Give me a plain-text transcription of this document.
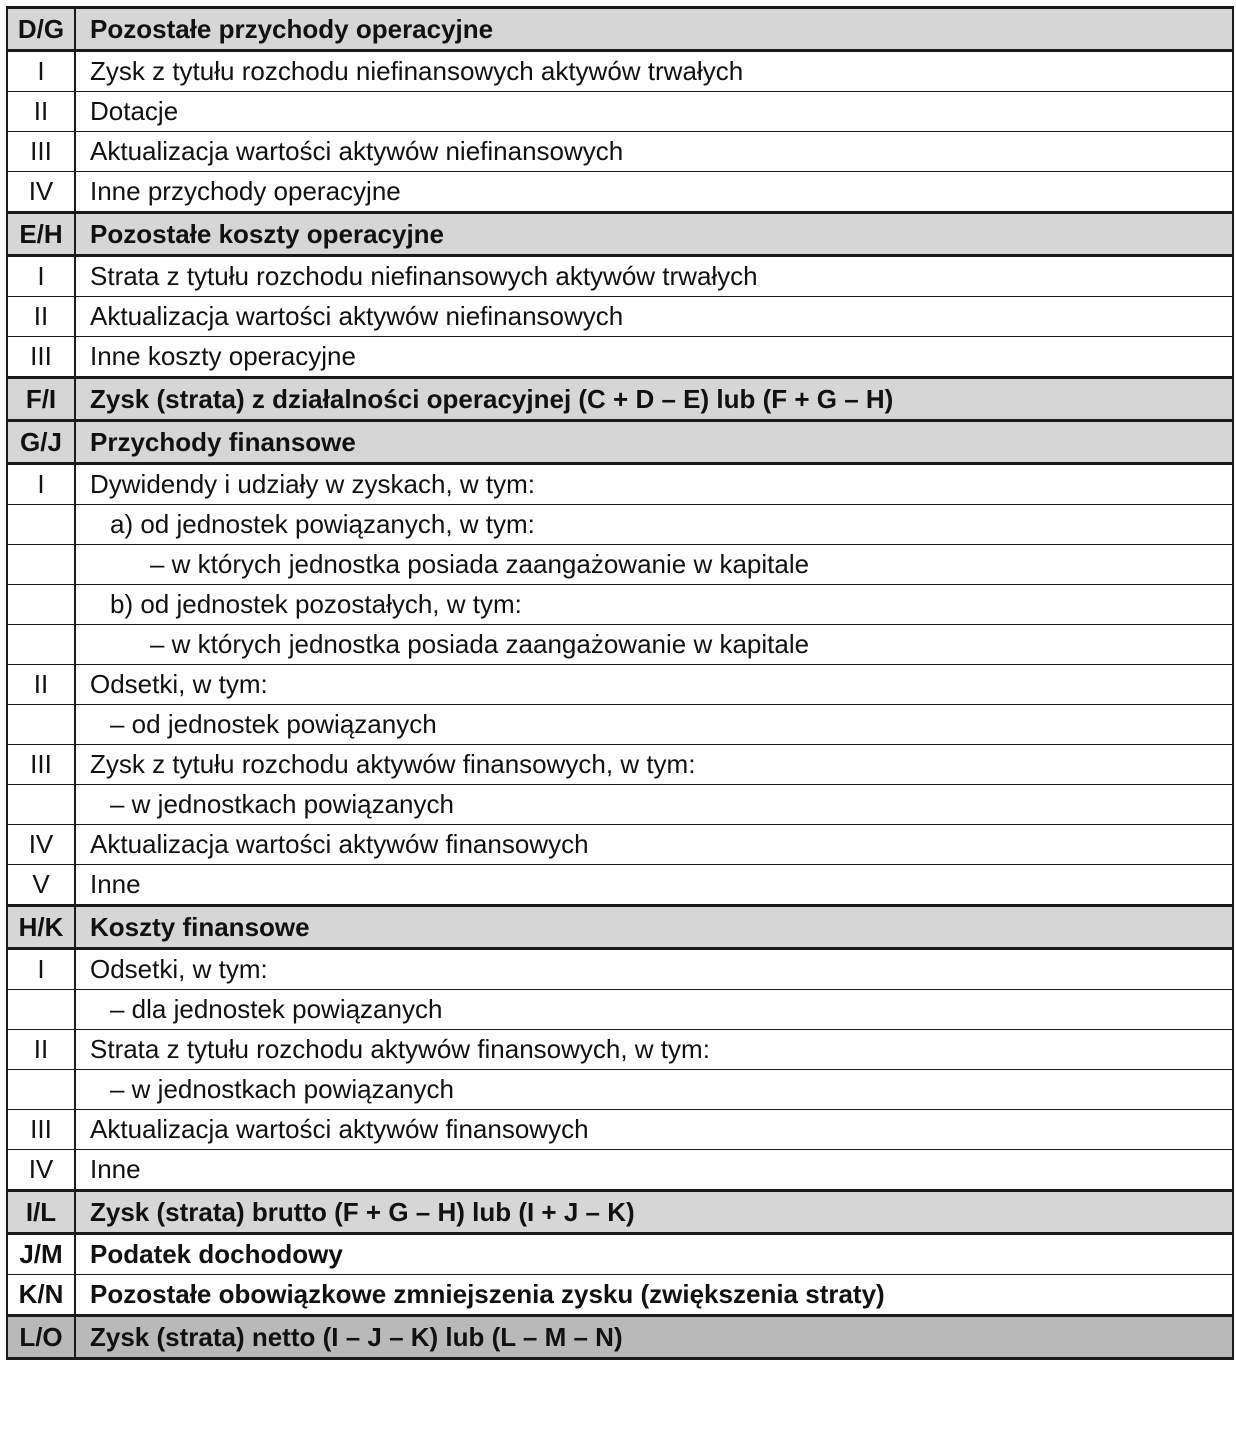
D/G	Pozostałe przychody operacyjne
I	Zysk z tytułu rozchodu niefinansowych aktywów trwałych
II	Dotacje
III	Aktualizacja wartości aktywów niefinansowych
IV	Inne przychody operacyjne
E/H	Pozostałe koszty operacyjne
I	Strata z tytułu rozchodu niefinansowych aktywów trwałych
II	Aktualizacja wartości aktywów niefinansowych
III	Inne koszty operacyjne
F/I	Zysk (strata) z działalności operacyjnej (C + D – E) lub (F + G – H)
G/J	Przychody finansowe
I	Dywidendy i udziały w zyskach, w tym:
	a) od jednostek powiązanych, w tym:
	– w których jednostka posiada zaangażowanie w kapitale
	b) od jednostek pozostałych, w tym:
	– w których jednostka posiada zaangażowanie w kapitale
II	Odsetki, w tym:
	– od jednostek powiązanych
III	Zysk z tytułu rozchodu aktywów finansowych, w tym:
	– w jednostkach powiązanych
IV	Aktualizacja wartości aktywów finansowych
V	Inne
H/K	Koszty finansowe
I	Odsetki, w tym:
	– dla jednostek powiązanych
II	Strata z tytułu rozchodu aktywów finansowych, w tym:
	– w jednostkach powiązanych
III	Aktualizacja wartości aktywów finansowych
IV	Inne
I/L	Zysk (strata) brutto (F + G – H) lub (I + J – K)
J/M	Podatek dochodowy
K/N	Pozostałe obowiązkowe zmniejszenia zysku (zwiększenia straty)
L/O	Zysk (strata) netto (I – J – K) lub (L – M – N)
